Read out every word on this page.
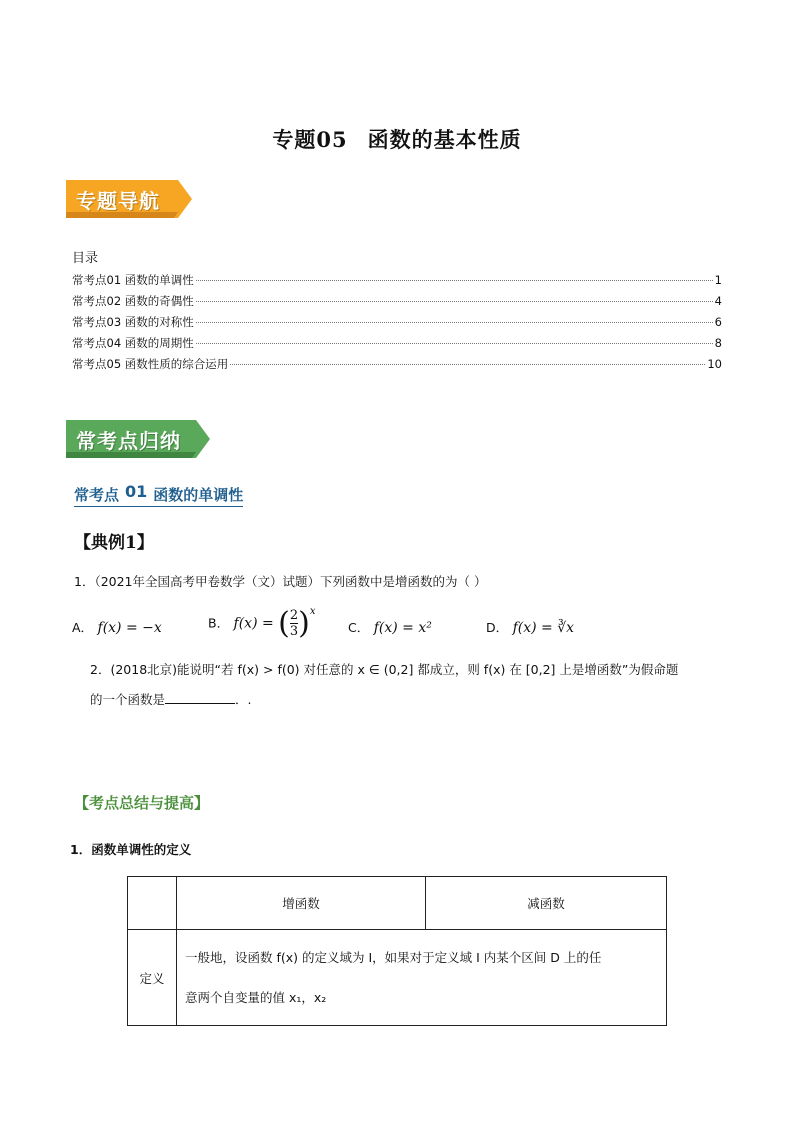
专题05 函数的基本性质
专题导航
目录
常考点01 函数的单调性	1
常考点02 函数的奇偶性	4
常考点03 函数的对称性	6
常考点04 函数的周期性	8
常考点05 函数性质的综合运用	10
常考点归纳
常考点 01 函数的单调性
【典例1】
1．（2021年全国高考甲卷数学（文）试题）下列函数中是增函数的为（ ）
A． f(x) = −x	B． f(x) = ( $\frac{2}{3} )^x$
C． f(x) = x²	D． f(x) = ∛x
2．(2018北京)能说明“若 f(x) > f(0) 对任意的 x ∈ (0,2] 都成立，则 f(x) 在 [0,2] 上是增函数”为假命题
的一个函数是	．.
【考点总结与提高】
1．函数单调性的定义
	增函数	减函数
定义	一般地，设函数 f(x) 的定义域为 I，如果对于定义域 I 内某个区间 D 上的任
意两个自变量的值 x₁，x₂	
